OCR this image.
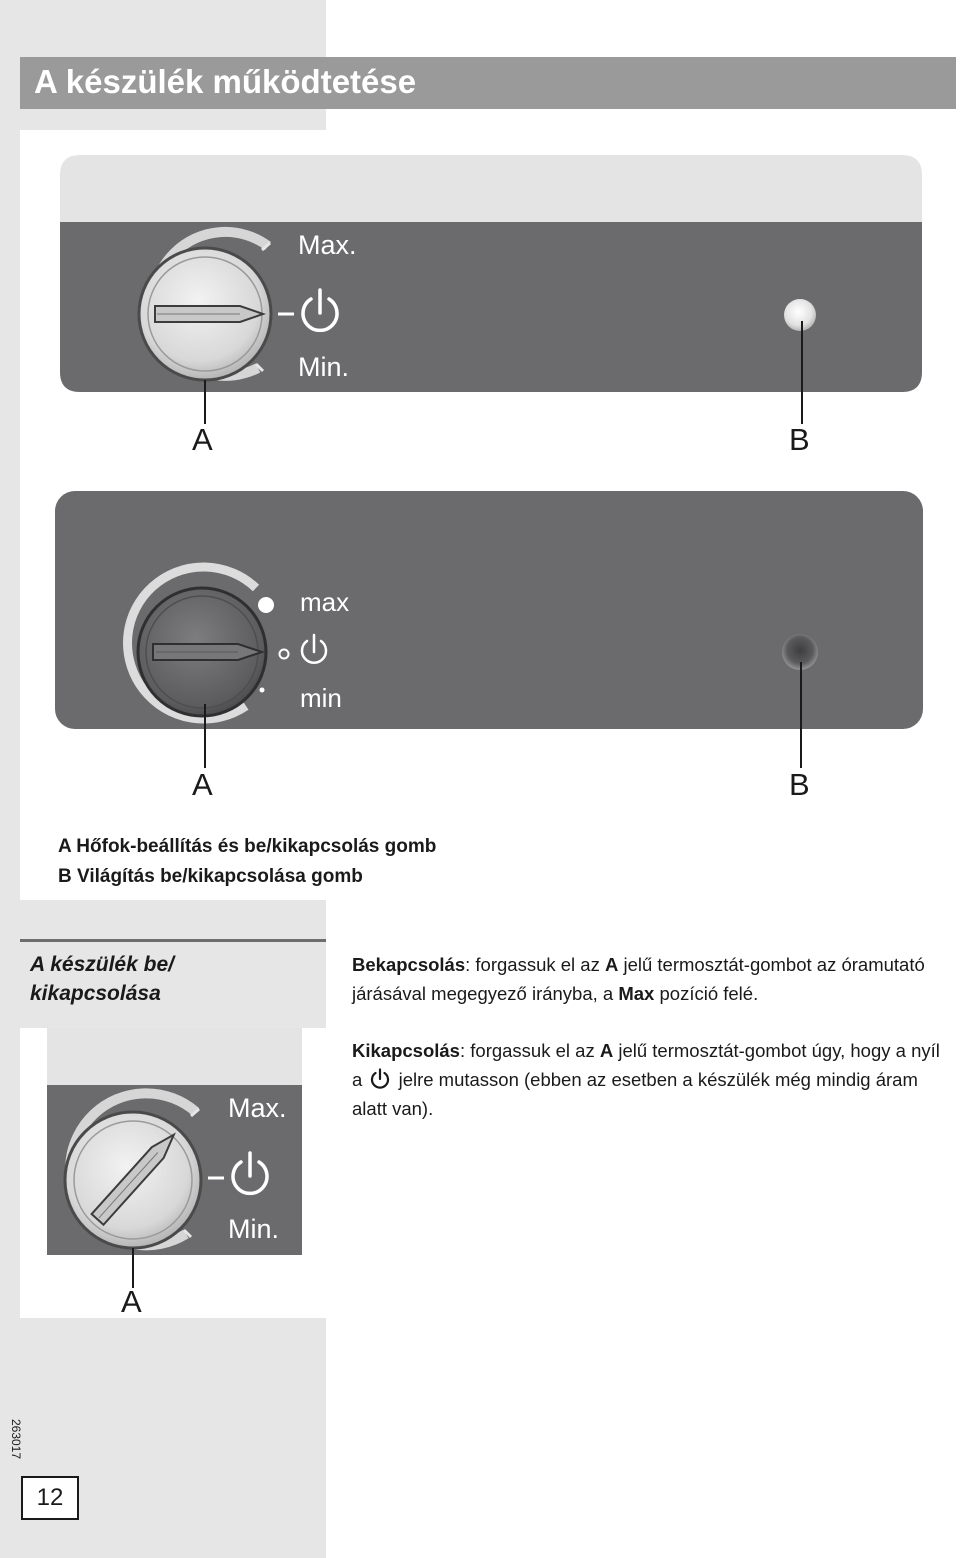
A készülék működtetése
Max.
Min.
A	B
max
min
A	B
Max.
Min.
A
A Hőfok-beállítás és be/kikapcsolás gomb
B Világítás be/kikapcsolása gomb
A készülék be/
kikapcsolása
Bekapcsolás: forgassuk el az A jelű termosztát-gombot az óramutató járásával megegyező irányba, a Max pozíció felé.
Kikapcsolás: forgassuk el az A jelű termosztát-gombot úgy, hogy a nyíl a  jelre mutasson (ebben az esetben a készülék még mindig áram alatt van).
263017
12
